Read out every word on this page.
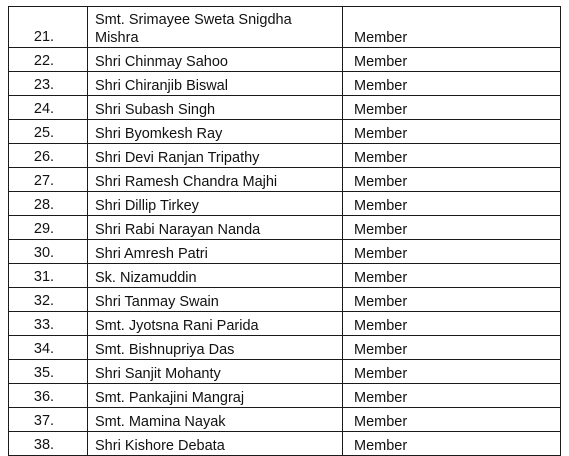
21.	Smt. Srimayee Sweta Snigdha Mishra	Member
22.	Shri Chinmay Sahoo	Member
23.	Shri Chiranjib Biswal	Member
24.	Shri Subash Singh	Member
25.	Shri Byomkesh Ray	Member
26.	Shri Devi Ranjan Tripathy	Member
27.	Shri Ramesh Chandra Majhi	Member
28.	Shri Dillip Tirkey	Member
29.	Shri Rabi Narayan Nanda	Member
30.	Shri Amresh Patri	Member
31.	Sk. Nizamuddin	Member
32.	Shri Tanmay Swain	Member
33.	Smt. Jyotsna Rani Parida	Member
34.	Smt. Bishnupriya Das	Member
35.	Shri Sanjit Mohanty	Member
36.	Smt. Pankajini Mangraj	Member
37.	Smt. Mamina Nayak	Member
38.	Shri Kishore Debata	Member
